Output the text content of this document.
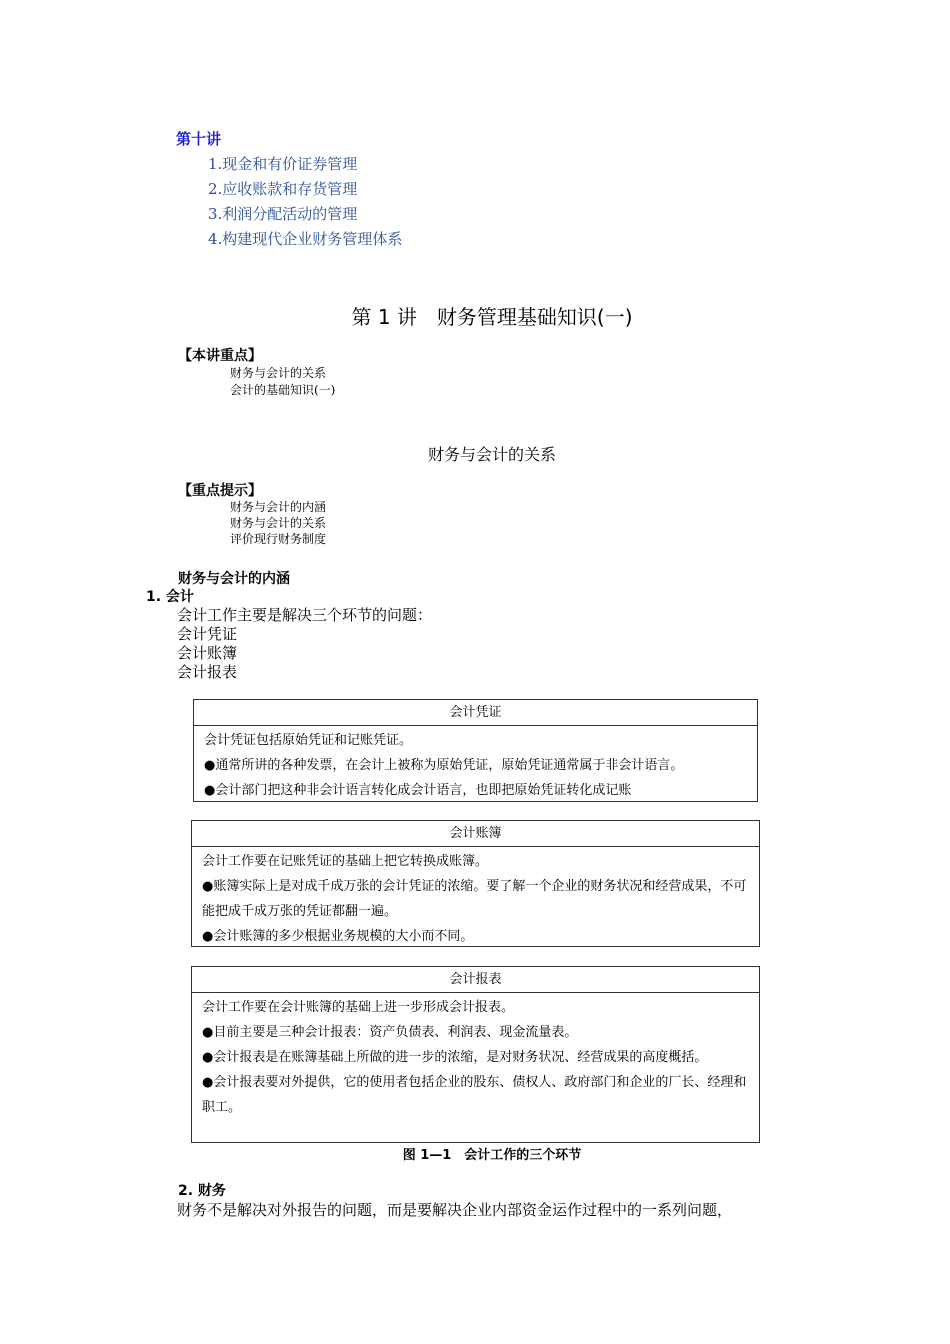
第十讲
1.现金和有价证券管理
2.应收账款和存货管理
3.利润分配活动的管理
4.构建现代企业财务管理体系
第 1 讲　财务管理基础知识(一)
【本讲重点】
财务与会计的关系
会计的基础知识(一)
财务与会计的关系
【重点提示】
财务与会计的内涵
财务与会计的关系
评价现行财务制度
财务与会计的内涵
1. 会计
会计工作主要是解决三个环节的问题：
会计凭证
会计账簿
会计报表
会计凭证
会计凭证包括原始凭证和记账凭证。
●通常所讲的各种发票，在会计上被称为原始凭证，原始凭证通常属于非会计语言。
●会计部门把这种非会计语言转化成会计语言，也即把原始凭证转化成记账
会计账簿
会计工作要在记账凭证的基础上把它转换成账簿。
●账簿实际上是对成千成万张的会计凭证的浓缩。要了解一个企业的财务状况和经营成果，不可能把成千成万张的凭证都翻一遍。
●会计账簿的多少根据业务规模的大小而不同。
会计报表
会计工作要在会计账簿的基础上进一步形成会计报表。
●目前主要是三种会计报表：资产负债表、利润表、现金流量表。
●会计报表是在账簿基础上所做的进一步的浓缩，是对财务状况、经营成果的高度概括。
●会计报表要对外提供，它的使用者包括企业的股东、债权人、政府部门和企业的厂长、经理和职工。
图 1—1　会计工作的三个环节
2. 财务
财务不是解决对外报告的问题，而是要解决企业内部资金运作过程中的一系列问题，
